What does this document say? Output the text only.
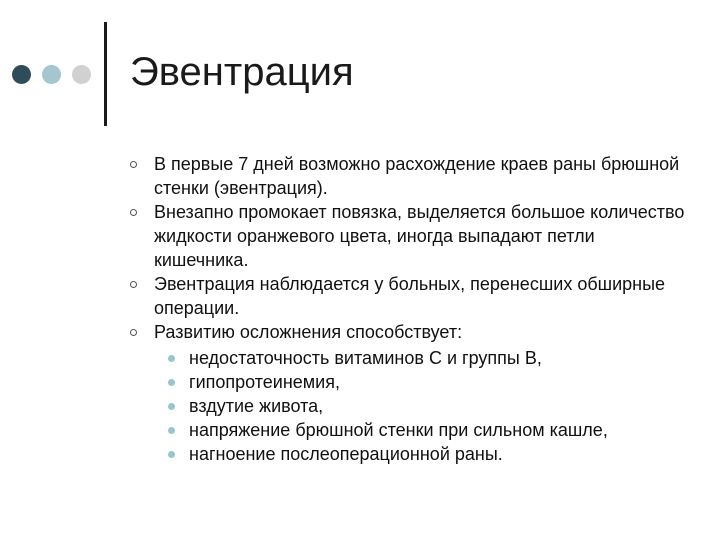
Эвентрация
В первые 7 дней возможно расхождение краев раны брюшной стенки (эвентрация).
Внезапно промокает повязка, выделяется большое количество жидкости оранжевого цвета, иногда выпадают петли кишечника.
Эвентрация наблюдается у больных, перенесших обширные операции.
Развитию осложнения способствует:
недостаточность витаминов С и группы В,
гипопротеинемия,
вздутие живота,
напряжение брюшной стенки при сильном кашле,
нагноение послеоперационной раны.
